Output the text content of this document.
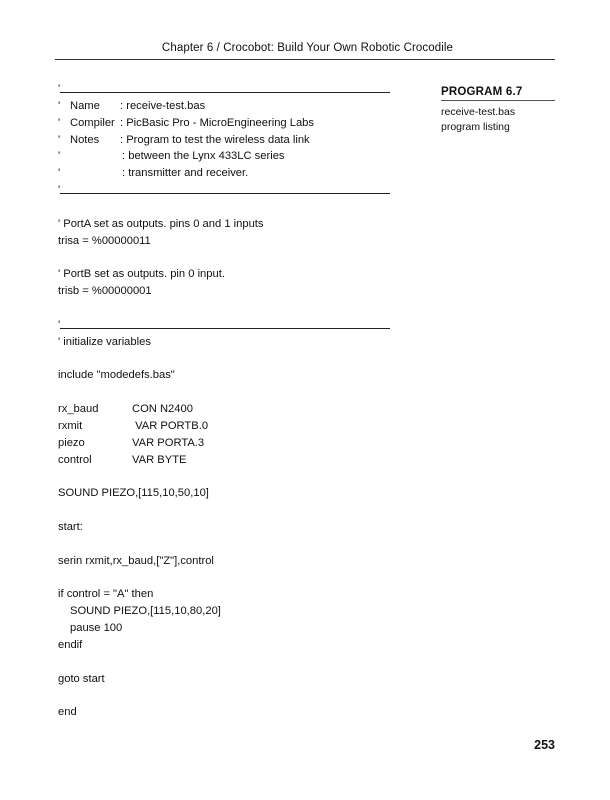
Chapter 6 / Crocobot: Build Your Own Robotic Crocodile
PROGRAM 6.7
receive-test.bas
program listing
'
' Name : receive-test.bas
' Compiler : PicBasic Pro - MicroEngineering Labs
' Notes : Program to test the wireless data link
'	: between the Lynx 433LC series
'	: transmitter and receiver.
'
' PortA set as outputs. pins 0 and 1 inputs
trisa = %00000011
' PortB set as outputs. pin 0 input.
trisb = %00000001
'
' initialize variables
include "modedefs.bas"
rx_baud	CON N2400
rxmit	VAR PORTB.0
piezo	VAR PORTA.3
control	VAR BYTE
SOUND PIEZO,[115,10,50,10]
start:
serin rxmit,rx_baud,["Z"],control
if control = "A" then
SOUND PIEZO,[115,10,80,20]
pause 100
endif
goto start
end
253
